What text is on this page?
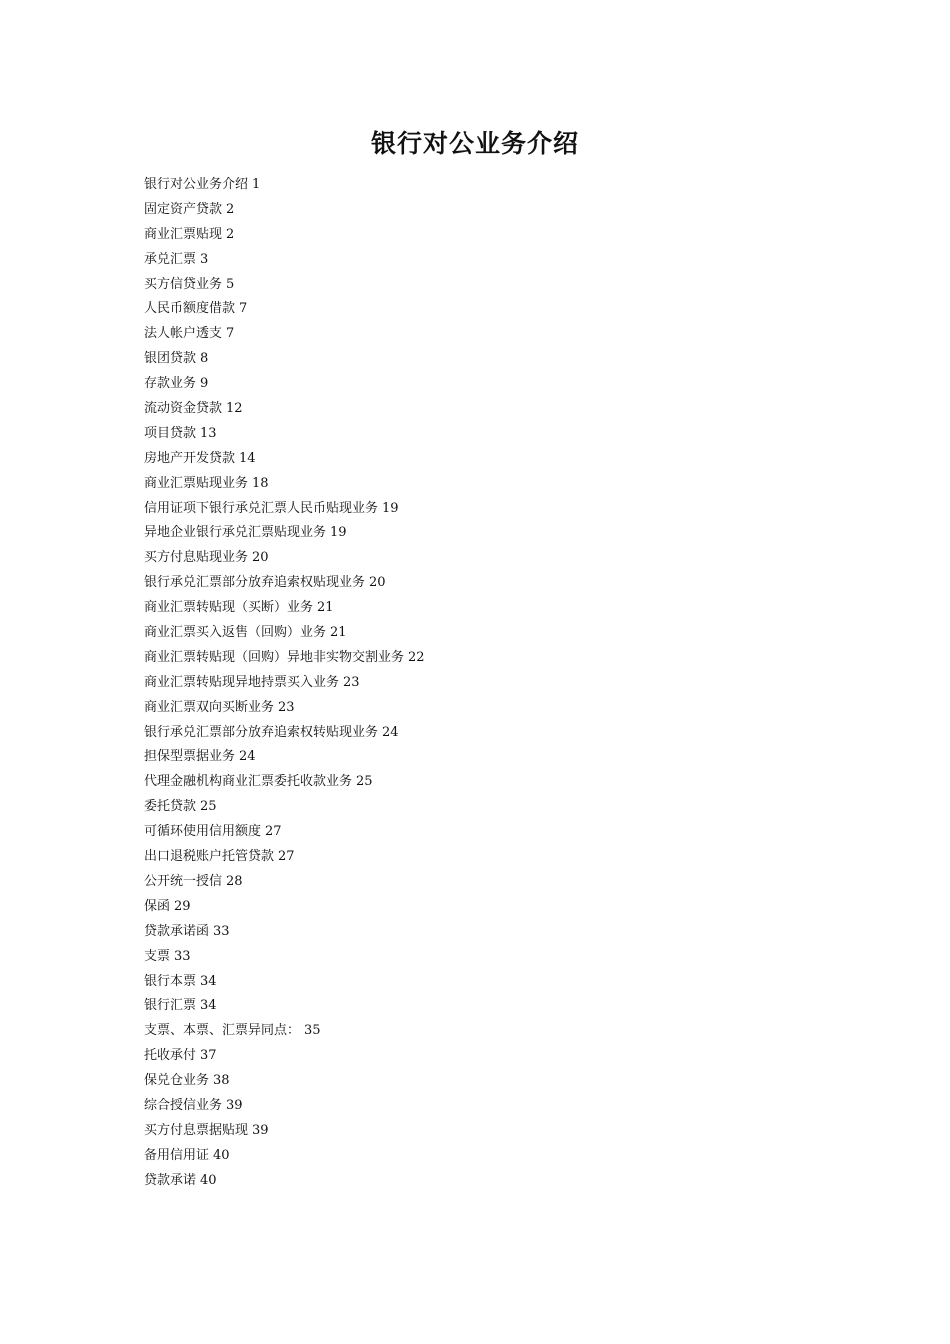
银行对公业务介绍
银行对公业务介绍 1
固定资产贷款 2
商业汇票贴现 2
承兑汇票 3
买方信贷业务 5
人民币额度借款 7
法人帐户透支 7
银团贷款 8
存款业务 9
流动资金贷款 12
项目贷款 13
房地产开发贷款 14
商业汇票贴现业务 18
信用证项下银行承兑汇票人民币贴现业务 19
异地企业银行承兑汇票贴现业务 19
买方付息贴现业务 20
银行承兑汇票部分放弃追索权贴现业务 20
商业汇票转贴现（买断）业务 21
商业汇票买入返售（回购）业务 21
商业汇票转贴现（回购）异地非实物交割业务 22
商业汇票转贴现异地持票买入业务 23
商业汇票双向买断业务 23
银行承兑汇票部分放弃追索权转贴现业务 24
担保型票据业务 24
代理金融机构商业汇票委托收款业务 25
委托贷款 25
可循环使用信用额度 27
出口退税账户托管贷款 27
公开统一授信 28
保函 29
贷款承诺函 33
支票 33
银行本票 34
银行汇票 34
支票、本票、汇票异同点： 35
托收承付 37
保兑仓业务 38
综合授信业务 39
买方付息票据贴现 39
备用信用证 40
贷款承诺 40
